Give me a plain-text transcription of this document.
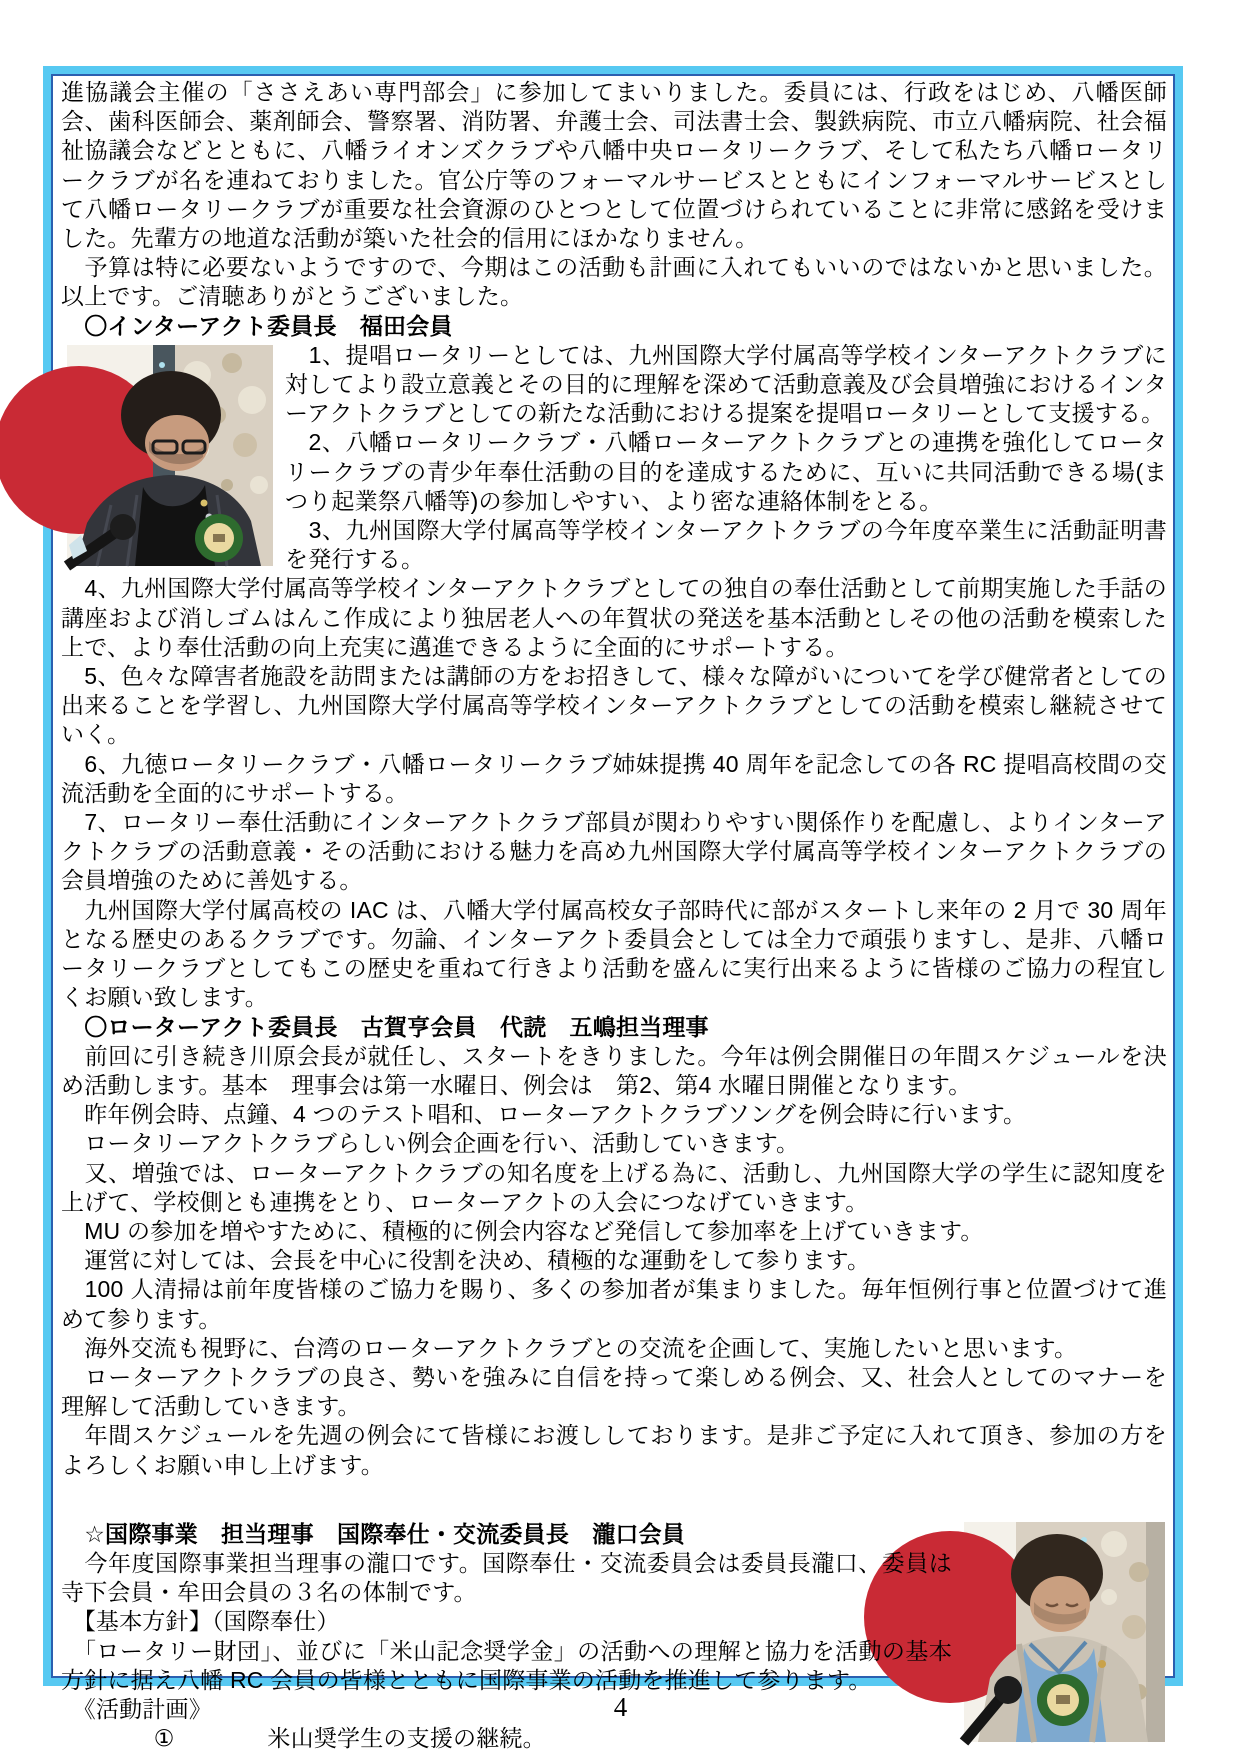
進協議会主催の「ささえあい専門部会」に参加してまいりました。委員には、行政をはじめ、八幡医師会、歯科医師会、薬剤師会、警察署、消防署、弁護士会、司法書士会、製鉄病院、市立八幡病院、社会福祉協議会などとともに、八幡ライオンズクラブや八幡中央ロータリークラブ、そして私たち八幡ロータリークラブが名を連ねておりました。官公庁等のフォーマルサービスとともにインフォーマルサービスとして八幡ロータリークラブが重要な社会資源のひとつとして位置づけられていることに非常に感銘を受けました。先輩方の地道な活動が築いた社会的信用にほかなりません。

　予算は特に必要ないようですので、今期はこの活動も計画に入れてもいいのではないかと思いました。以上です。ご清聴ありがとうございました。

　〇インターアクト委員長　福田会員

　1、提唱ロータリーとしては、九州国際大学付属高等学校インターアクトクラブに対してより設立意義とその目的に理解を深めて活動意義及び会員増強におけるインターアクトクラブとしての新たな活動における提案を提唱ロータリーとして支援する。

　2、八幡ロータリークラブ・八幡ローターアクトクラブとの連携を強化してロータリークラブの青少年奉仕活動の目的を達成するために、互いに共同活動できる場(まつり起業祭八幡等)の参加しやすい、より密な連絡体制をとる。

　3、九州国際大学付属高等学校インターアクトクラブの今年度卒業生に活動証明書を発行する。

　4、九州国際大学付属高等学校インターアクトクラブとしての独自の奉仕活動として前期実施した手話の講座および消しゴムはんこ作成により独居老人への年賀状の発送を基本活動としその他の活動を模索した上で、より奉仕活動の向上充実に邁進できるように全面的にサポートする。

　5、色々な障害者施設を訪問または講師の方をお招きして、様々な障がいについてを学び健常者としての出来ることを学習し、九州国際大学付属高等学校インターアクトクラブとしての活動を模索し継続させていく。

　6、九徳ロータリークラブ・八幡ロータリークラブ姉妹提携 40 周年を記念しての各 RC 提唱高校間の交流活動を全面的にサポートする。

　7、ロータリー奉仕活動にインターアクトクラブ部員が関わりやすい関係作りを配慮し、よりインターアクトクラブの活動意義・その活動における魅力を高め九州国際大学付属高等学校インターアクトクラブの会員増強のために善処する。

　九州国際大学付属高校の IAC は、八幡大学付属高校女子部時代に部がスタートし来年の 2 月で 30 周年となる歴史のあるクラブです。勿論、インターアクト委員会としては全力で頑張りますし、是非、八幡ロータリークラブとしてもこの歴史を重ねて行きより活動を盛んに実行出来るように皆様のご協力の程宜しくお願い致します。

　〇ローターアクト委員長　古賀亨会員　代読　五嶋担当理事

　前回に引き続き川原会長が就任し、スタートをきりました。今年は例会開催日の年間スケジュールを決め活動します。基本　理事会は第一水曜日、例会は　第2、第4 水曜日開催となります。

　昨年例会時、点鐘、4 つのテスト唱和、ローターアクトクラブソングを例会時に行います。

　ロータリーアクトクラブらしい例会企画を行い、活動していきます。

　又、増強では、ローターアクトクラブの知名度を上げる為に、活動し、九州国際大学の学生に認知度を上げて、学校側とも連携をとり、ローターアクトの入会につなげていきます。

　MU の参加を増やすために、積極的に例会内容など発信して参加率を上げていきます。

　運営に対しては、会長を中心に役割を決め、積極的な運動をして参ります。

　100 人清掃は前年度皆様のご協力を賜り、多くの参加者が集まりました。毎年恒例行事と位置づけて進めて参ります。

　海外交流も視野に、台湾のローターアクトクラブとの交流を企画して、実施したいと思います。

　ローターアクトクラブの良さ、勢いを強みに自信を持って楽しめる例会、又、社会人としてのマナーを理解して活動していきます。

　年間スケジュールを先週の例会にて皆様にお渡ししております。是非ご予定に入れて頂き、参加の方をよろしくお願い申し上げます。

　☆国際事業　担当理事　国際奉仕・交流委員長　瀧口会員

　今年度国際事業担当理事の瀧口です。国際奉仕・交流委員会は委員長瀧口、委員は寺下会員・牟田会員の３名の体制です。

　【基本方針】（国際奉仕）

　「ロータリー財団」、並びに「米山記念奨学金」の活動への理解と協力を活動の基本方針に据え八幡 RC 会員の皆様とともに国際事業の活動を推進して参ります。

　《活動計画》

　　　　①　　　　米山奨学生の支援の継続。

4
